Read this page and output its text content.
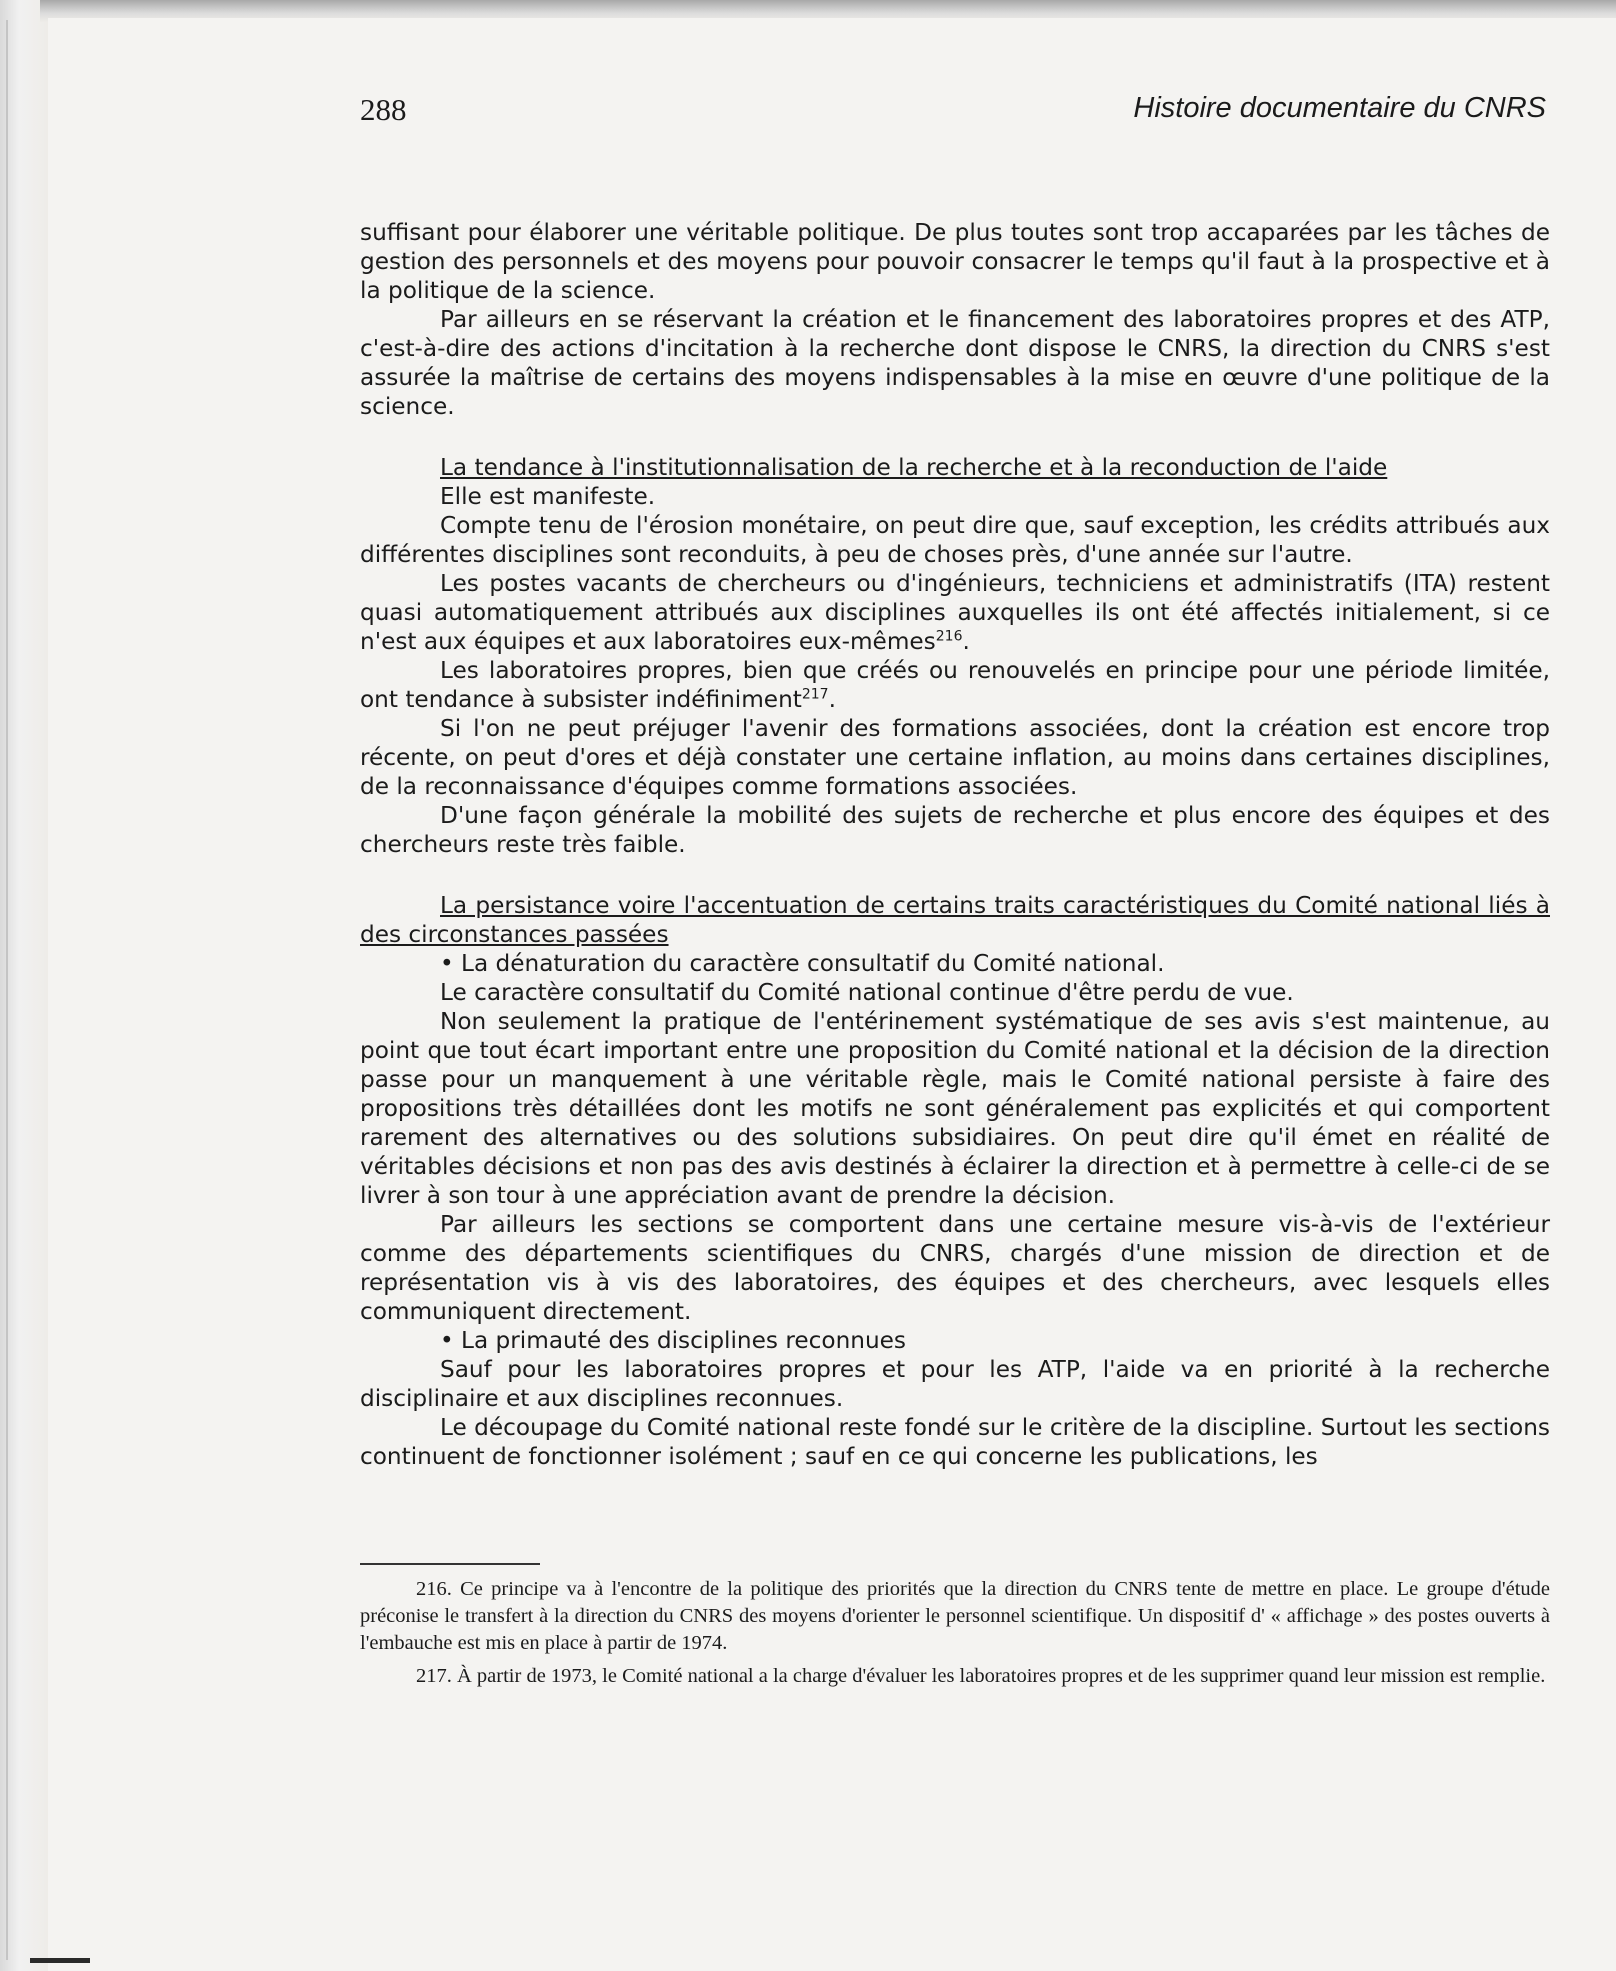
288	Histoire documentaire du CNRS

suffisant pour élaborer une véritable politique. De plus toutes sont trop accaparées par les tâches de gestion des personnels et des moyens pour pouvoir consacrer le temps qu'il faut à la prospective et à la politique de la science.

Par ailleurs en se réservant la création et le financement des laboratoires propres et des ATP, c'est-à-dire des actions d'incitation à la recherche dont dispose le CNRS, la direction du CNRS s'est assurée la maîtrise de certains des moyens indispensables à la mise en œuvre d'une politique de la science.

La tendance à l'institutionnalisation de la recherche et à la reconduction de l'aide

Elle est manifeste.

Compte tenu de l'érosion monétaire, on peut dire que, sauf exception, les crédits attribués aux différentes disciplines sont reconduits, à peu de choses près, d'une année sur l'autre.

Les postes vacants de chercheurs ou d'ingénieurs, techniciens et administratifs (ITA) restent quasi automatiquement attribués aux disciplines auxquelles ils ont été affectés initialement, si ce n'est aux équipes et aux laboratoires eux-mêmes$^{216}$.

Les laboratoires propres, bien que créés ou renouvelés en principe pour une période limitée, ont tendance à subsister indéfiniment$^{217}$.

Si l'on ne peut préjuger l'avenir des formations associées, dont la création est encore trop récente, on peut d'ores et déjà constater une certaine inflation, au moins dans certaines disciplines, de la reconnaissance d'équipes comme formations associées.

D'une façon générale la mobilité des sujets de recherche et plus encore des équipes et des chercheurs reste très faible.

La persistance voire l'accentuation de certains traits caractéristiques du Comité national liés à des circonstances passées

• La dénaturation du caractère consultatif du Comité national.

Le caractère consultatif du Comité national continue d'être perdu de vue.

Non seulement la pratique de l'entérinement systématique de ses avis s'est maintenue, au point que tout écart important entre une proposition du Comité national et la décision de la direction passe pour un manquement à une véritable règle, mais le Comité national persiste à faire des propositions très détaillées dont les motifs ne sont généralement pas explicités et qui comportent rarement des alternatives ou des solutions subsidiaires. On peut dire qu'il émet en réalité de véritables décisions et non pas des avis destinés à éclairer la direction et à permettre à celle-ci de se livrer à son tour à une appréciation avant de prendre la décision.

Par ailleurs les sections se comportent dans une certaine mesure vis-à-vis de l'extérieur comme des départements scientifiques du CNRS, chargés d'une mission de direction et de représentation vis à vis des laboratoires, des équipes et des chercheurs, avec lesquels elles communiquent directement.

• La primauté des disciplines reconnues

Sauf pour les laboratoires propres et pour les ATP, l'aide va en priorité à la recherche disciplinaire et aux disciplines reconnues.

Le découpage du Comité national reste fondé sur le critère de la discipline. Surtout les sections continuent de fonctionner isolément ; sauf en ce qui concerne les publications, les

216. Ce principe va à l'encontre de la politique des priorités que la direction du CNRS tente de mettre en place. Le groupe d'étude préconise le transfert à la direction du CNRS des moyens d'orienter le personnel scientifique. Un dispositif d' « affichage » des postes ouverts à l'embauche est mis en place à partir de 1974.

217. À partir de 1973, le Comité national a la charge d'évaluer les laboratoires propres et de les supprimer quand leur mission est remplie.
